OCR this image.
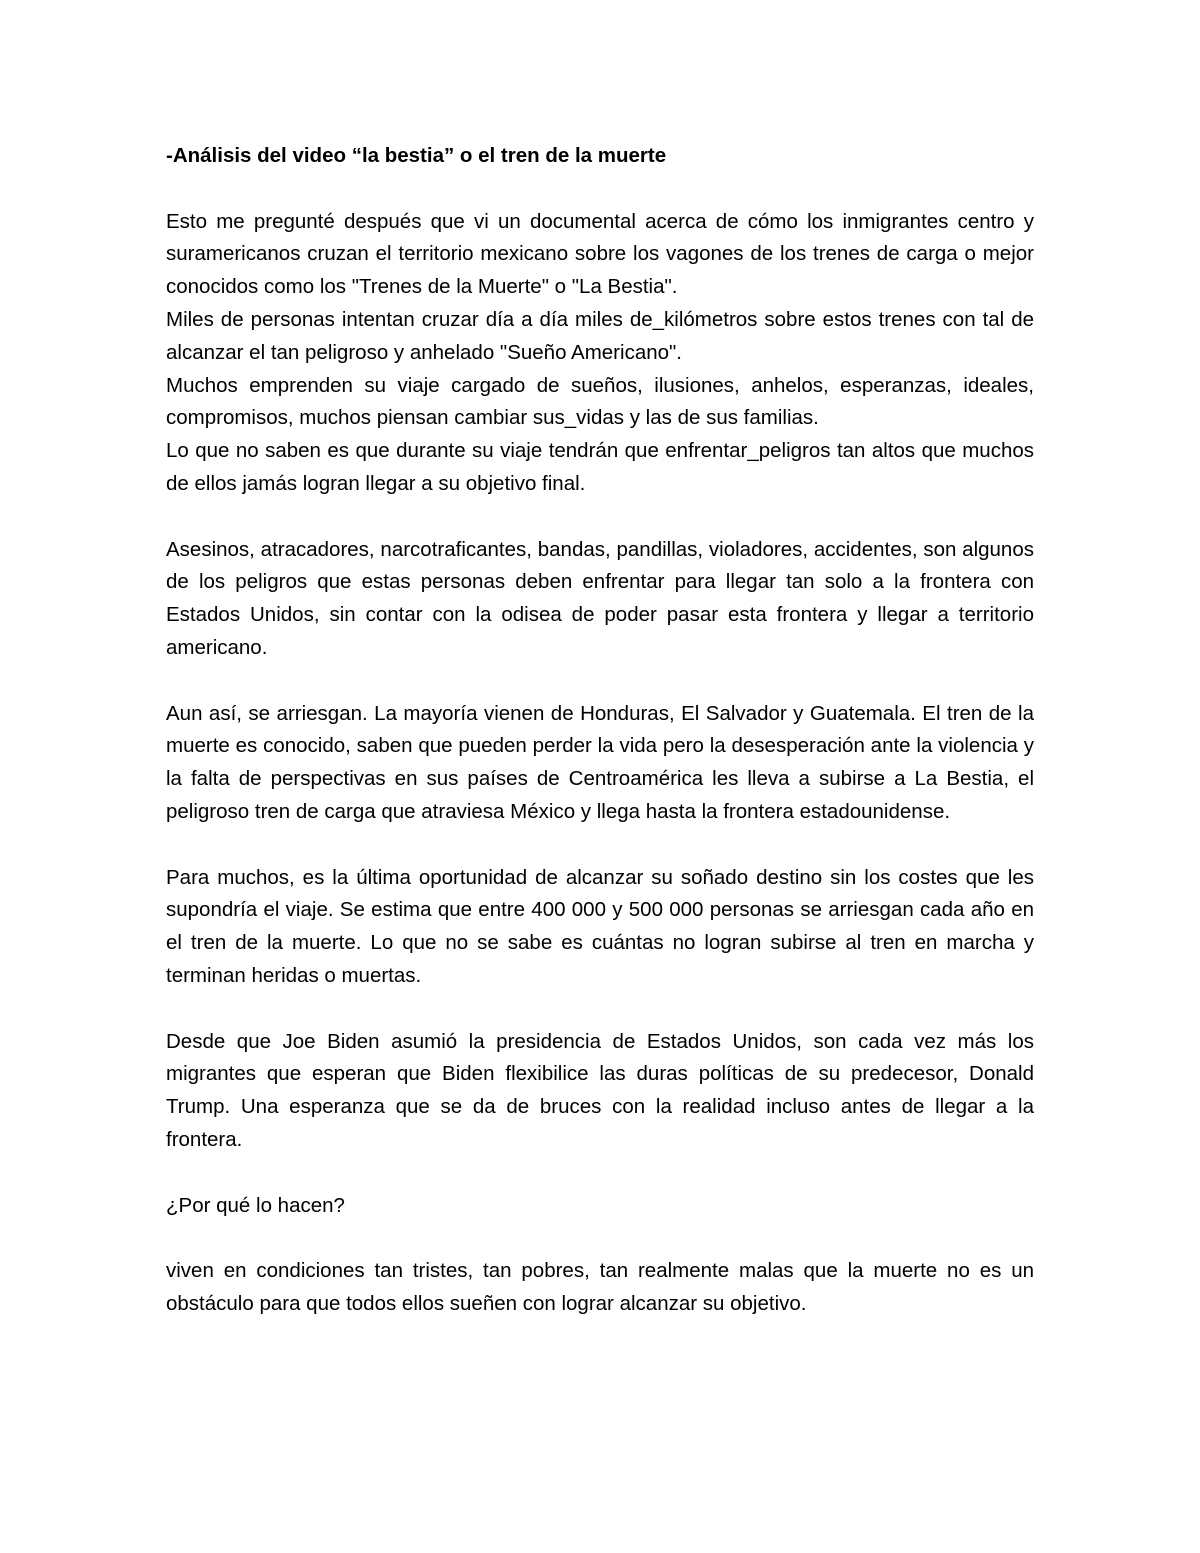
-Análisis del video “la bestia” o el tren de la muerte

Esto me pregunté después que vi un documental acerca de cómo los inmigrantes centro y suramericanos cruzan el territorio mexicano sobre los vagones de los trenes de carga o mejor conocidos como los "Trenes de la Muerte" o "La Bestia".
Miles de personas intentan cruzar día a día miles de_kilómetros sobre estos trenes con tal de alcanzar el tan peligroso y anhelado "Sueño Americano".
Muchos emprenden su viaje cargado de sueños, ilusiones, anhelos, esperanzas, ideales, compromisos, muchos piensan cambiar sus_vidas y las de sus familias.
Lo que no saben es que durante su viaje tendrán que enfrentar_peligros tan altos que muchos de ellos jamás logran llegar a su objetivo final.

Asesinos, atracadores, narcotraficantes, bandas, pandillas, violadores, accidentes, son algunos de los peligros que estas personas deben enfrentar para llegar tan solo a la frontera con Estados Unidos, sin contar con la odisea de poder pasar esta frontera y llegar a territorio americano.

Aun así, se arriesgan. La mayoría vienen de Honduras, El Salvador y Guatemala. El tren de la muerte es conocido, saben que pueden perder la vida pero la desesperación ante la violencia y la falta de perspectivas en sus países de Centroamérica les lleva a subirse a La Bestia, el peligroso tren de carga que atraviesa México y llega hasta la frontera estadounidense.

Para muchos, es la última oportunidad de alcanzar su soñado destino sin los costes que les supondría el viaje. Se estima que entre 400 000 y 500 000 personas se arriesgan cada año en el tren de la muerte. Lo que no se sabe es cuántas no logran subirse al tren en marcha y terminan heridas o muertas.

Desde que Joe Biden asumió la presidencia de Estados Unidos, son cada vez más los migrantes que esperan que Biden flexibilice las duras políticas de su predecesor, Donald Trump. Una esperanza que se da de bruces con la realidad incluso antes de llegar a la frontera.

¿Por qué lo hacen?

viven en condiciones tan tristes, tan pobres, tan realmente malas que la muerte no es un obstáculo para que todos ellos sueñen con lograr alcanzar su objetivo.
